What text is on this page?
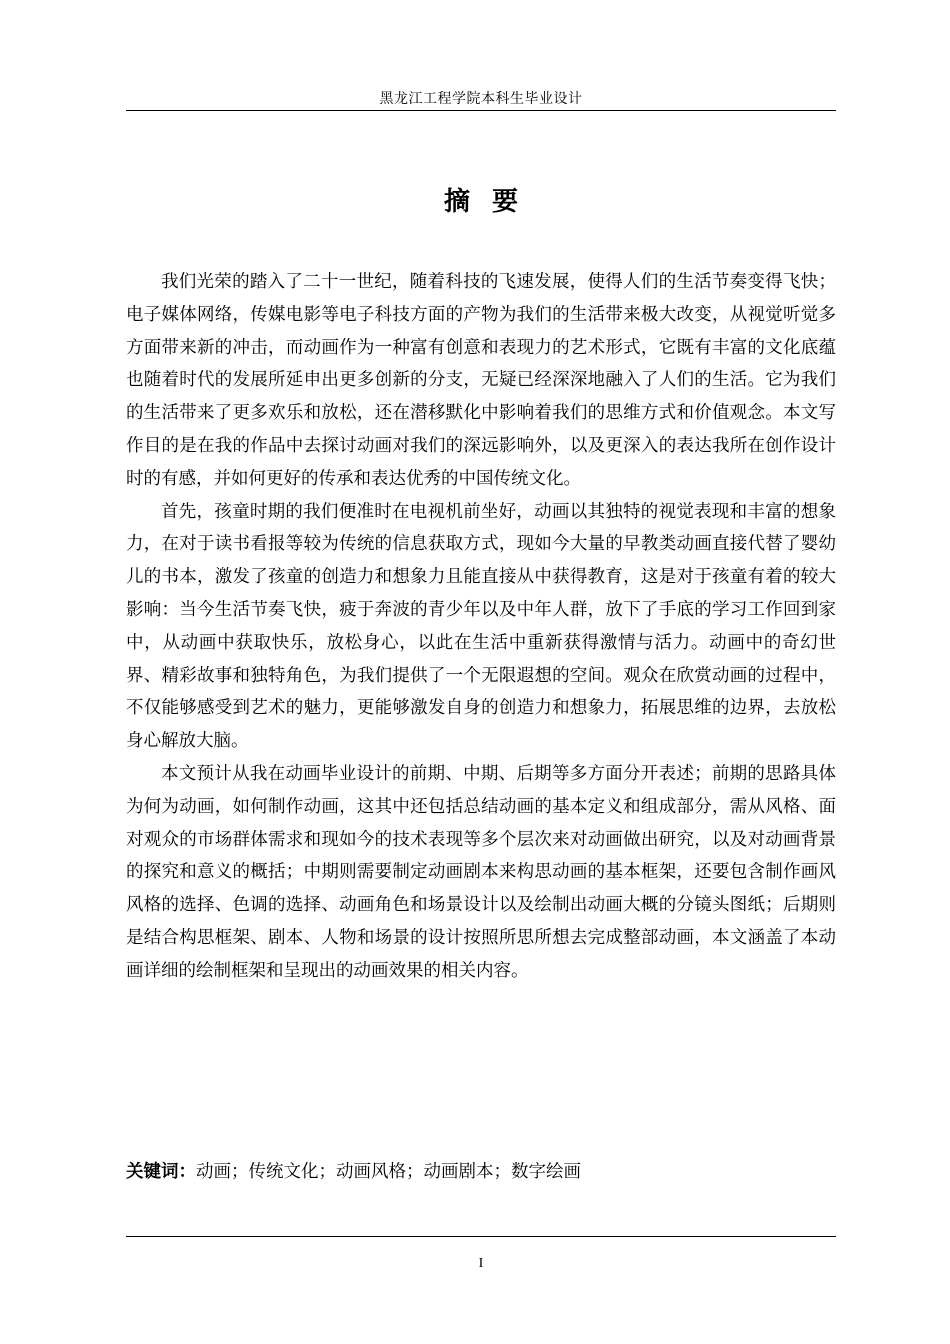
黑龙江工程学院本科生毕业设计
摘要

我们光荣的踏入了二十一世纪，随着科技的飞速发展，使得人们的生活节奏变得飞快；电子媒体网络，传媒电影等电子科技方面的产物为我们的生活带来极大改变，从视觉听觉多方面带来新的冲击，而动画作为一种富有创意和表现力的艺术形式，它既有丰富的文化底蕴也随着时代的发展所延申出更多创新的分支，无疑已经深深地融入了人们的生活。它为我们的生活带来了更多欢乐和放松，还在潜移默化中影响着我们的思维方式和价值观念。本文写作目的是在我的作品中去探讨动画对我们的深远影响外，以及更深入的表达我所在创作设计时的有感，并如何更好的传承和表达优秀的中国传统文化。

首先，孩童时期的我们便准时在电视机前坐好，动画以其独特的视觉表现和丰富的想象力，在对于读书看报等较为传统的信息获取方式，现如今大量的早教类动画直接代替了婴幼儿的书本，激发了孩童的创造力和想象力且能直接从中获得教育，这是对于孩童有着的较大影响：当今生活节奏飞快，疲于奔波的青少年以及中年人群，放下了手底的学习工作回到家中，从动画中获取快乐，放松身心，以此在生活中重新获得激情与活力。动画中的奇幻世界、精彩故事和独特角色，为我们提供了一个无限遐想的空间。观众在欣赏动画的过程中，不仅能够感受到艺术的魅力，更能够激发自身的创造力和想象力，拓展思维的边界，去放松身心解放大脑。

本文预计从我在动画毕业设计的前期、中期、后期等多方面分开表述；前期的思路具体为何为动画，如何制作动画，这其中还包括总结动画的基本定义和组成部分，需从风格、面对观众的市场群体需求和现如今的技术表现等多个层次来对动画做出研究，以及对动画背景的探究和意义的概括；中期则需要制定动画剧本来构思动画的基本框架，还要包含制作画风风格的选择、色调的选择、动画角色和场景设计以及绘制出动画大概的分镜头图纸；后期则是结合构思框架、剧本、人物和场景的设计按照所思所想去完成整部动画，本文涵盖了本动画详细的绘制框架和呈现出的动画效果的相关内容。

关键词：动画；传统文化；动画风格；动画剧本；数字绘画
I
